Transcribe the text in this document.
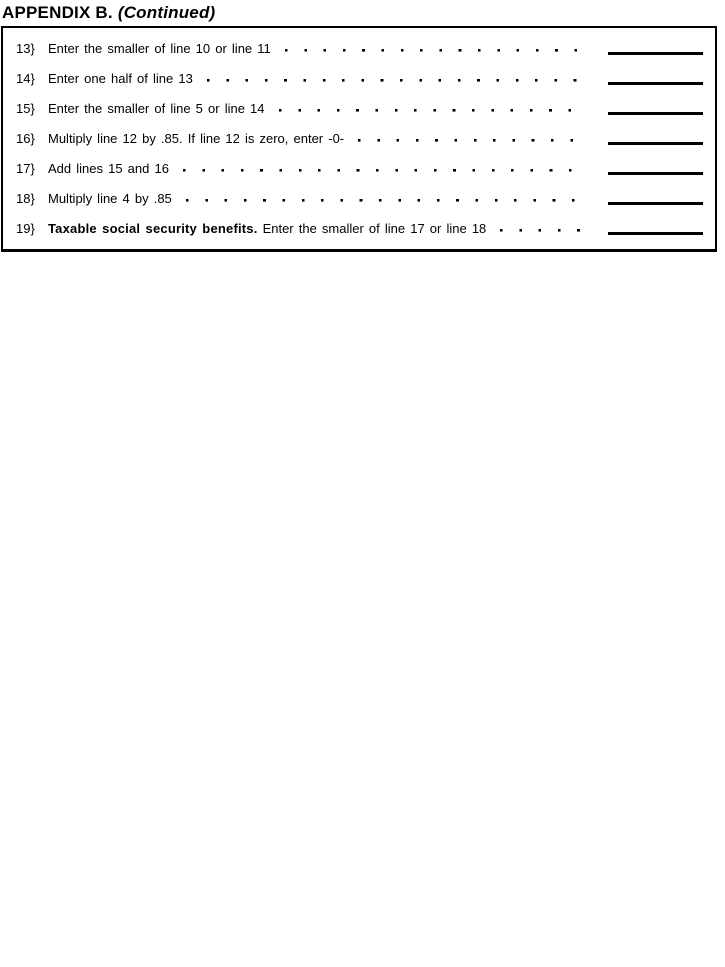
APPENDIX B. (Continued)
13}	Enter the smaller of line 10 or line 11
14}	Enter one half of line 13
15}	Enter the smaller of line 5 or line 14
16}	Multiply line 12 by .85. If line 12 is zero, enter -0-
17}	Add lines 15 and 16
18}	Multiply line 4 by .85
19}	Taxable social security benefits. Enter the smaller of line 17 or line 18
